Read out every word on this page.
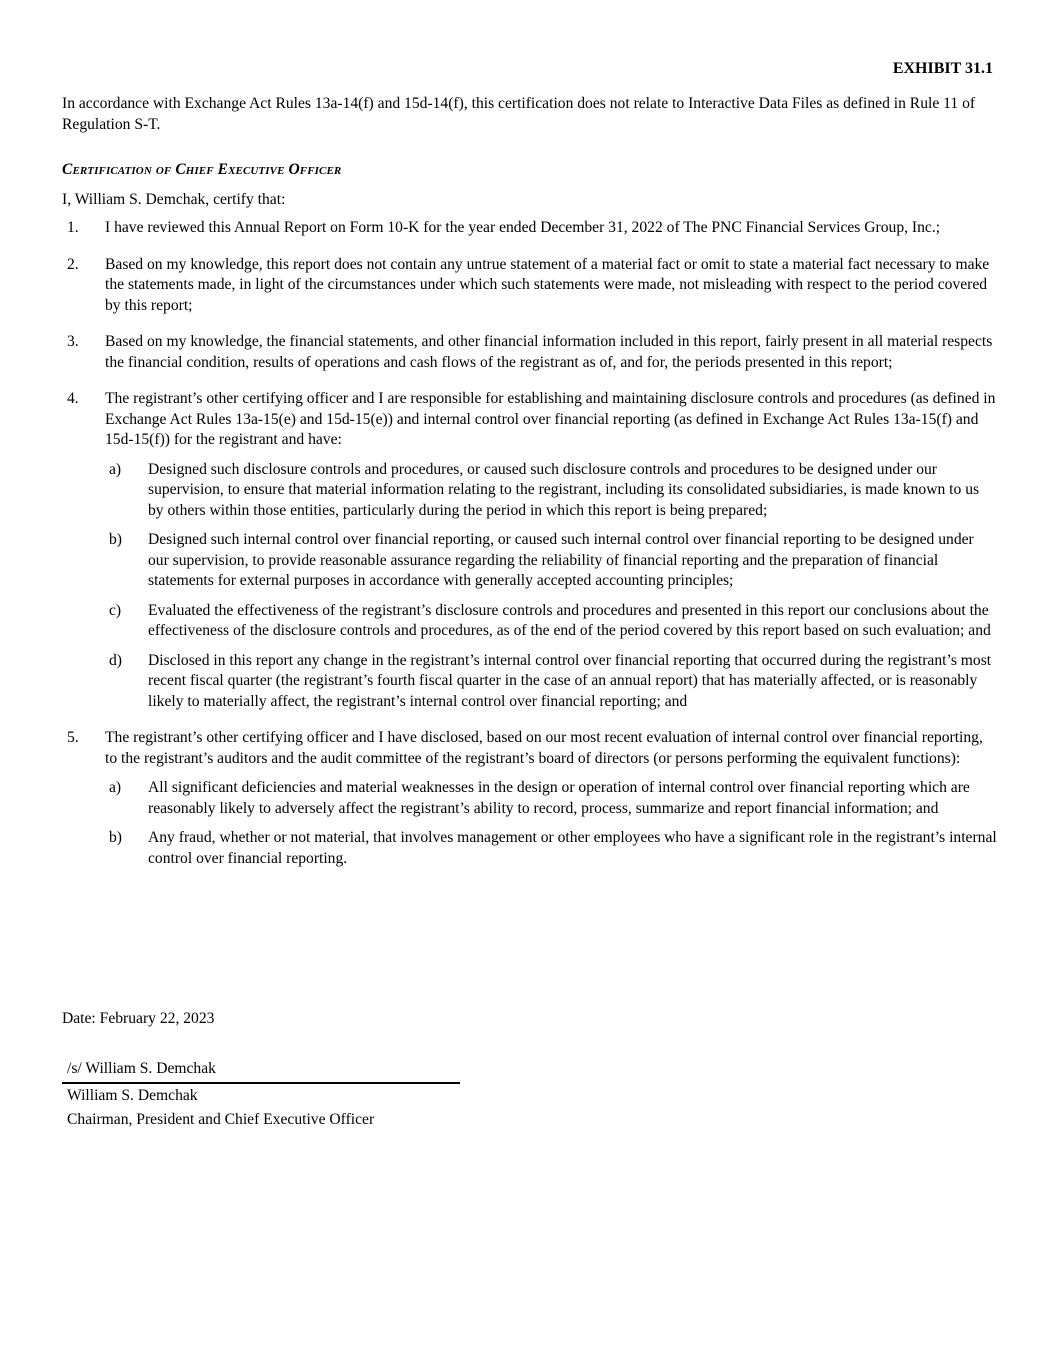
EXHIBIT 31.1
In accordance with Exchange Act Rules 13a-14(f) and 15d-14(f), this certification does not relate to Interactive Data Files as defined in Rule 11 of Regulation S-T.
Certification of Chief Executive Officer
I, William S. Demchak, certify that:
1. I have reviewed this Annual Report on Form 10-K for the year ended December 31, 2022 of The PNC Financial Services Group, Inc.;
2. Based on my knowledge, this report does not contain any untrue statement of a material fact or omit to state a material fact necessary to make the statements made, in light of the circumstances under which such statements were made, not misleading with respect to the period covered by this report;
3. Based on my knowledge, the financial statements, and other financial information included in this report, fairly present in all material respects the financial condition, results of operations and cash flows of the registrant as of, and for, the periods presented in this report;
4. The registrant’s other certifying officer and I are responsible for establishing and maintaining disclosure controls and procedures (as defined in Exchange Act Rules 13a-15(e) and 15d-15(e)) and internal control over financial reporting (as defined in Exchange Act Rules 13a-15(f) and 15d-15(f)) for the registrant and have:
a) Designed such disclosure controls and procedures, or caused such disclosure controls and procedures to be designed under our supervision, to ensure that material information relating to the registrant, including its consolidated subsidiaries, is made known to us by others within those entities, particularly during the period in which this report is being prepared;
b) Designed such internal control over financial reporting, or caused such internal control over financial reporting to be designed under our supervision, to provide reasonable assurance regarding the reliability of financial reporting and the preparation of financial statements for external purposes in accordance with generally accepted accounting principles;
c) Evaluated the effectiveness of the registrant’s disclosure controls and procedures and presented in this report our conclusions about the effectiveness of the disclosure controls and procedures, as of the end of the period covered by this report based on such evaluation; and
d) Disclosed in this report any change in the registrant’s internal control over financial reporting that occurred during the registrant’s most recent fiscal quarter (the registrant’s fourth fiscal quarter in the case of an annual report) that has materially affected, or is reasonably likely to materially affect, the registrant’s internal control over financial reporting; and
5. The registrant’s other certifying officer and I have disclosed, based on our most recent evaluation of internal control over financial reporting, to the registrant’s auditors and the audit committee of the registrant’s board of directors (or persons performing the equivalent functions):
a) All significant deficiencies and material weaknesses in the design or operation of internal control over financial reporting which are reasonably likely to adversely affect the registrant’s ability to record, process, summarize and report financial information; and
b) Any fraud, whether or not material, that involves management or other employees who have a significant role in the registrant’s internal control over financial reporting.
Date: February 22, 2023
/s/ William S. Demchak
William S. Demchak
Chairman, President and Chief Executive Officer
